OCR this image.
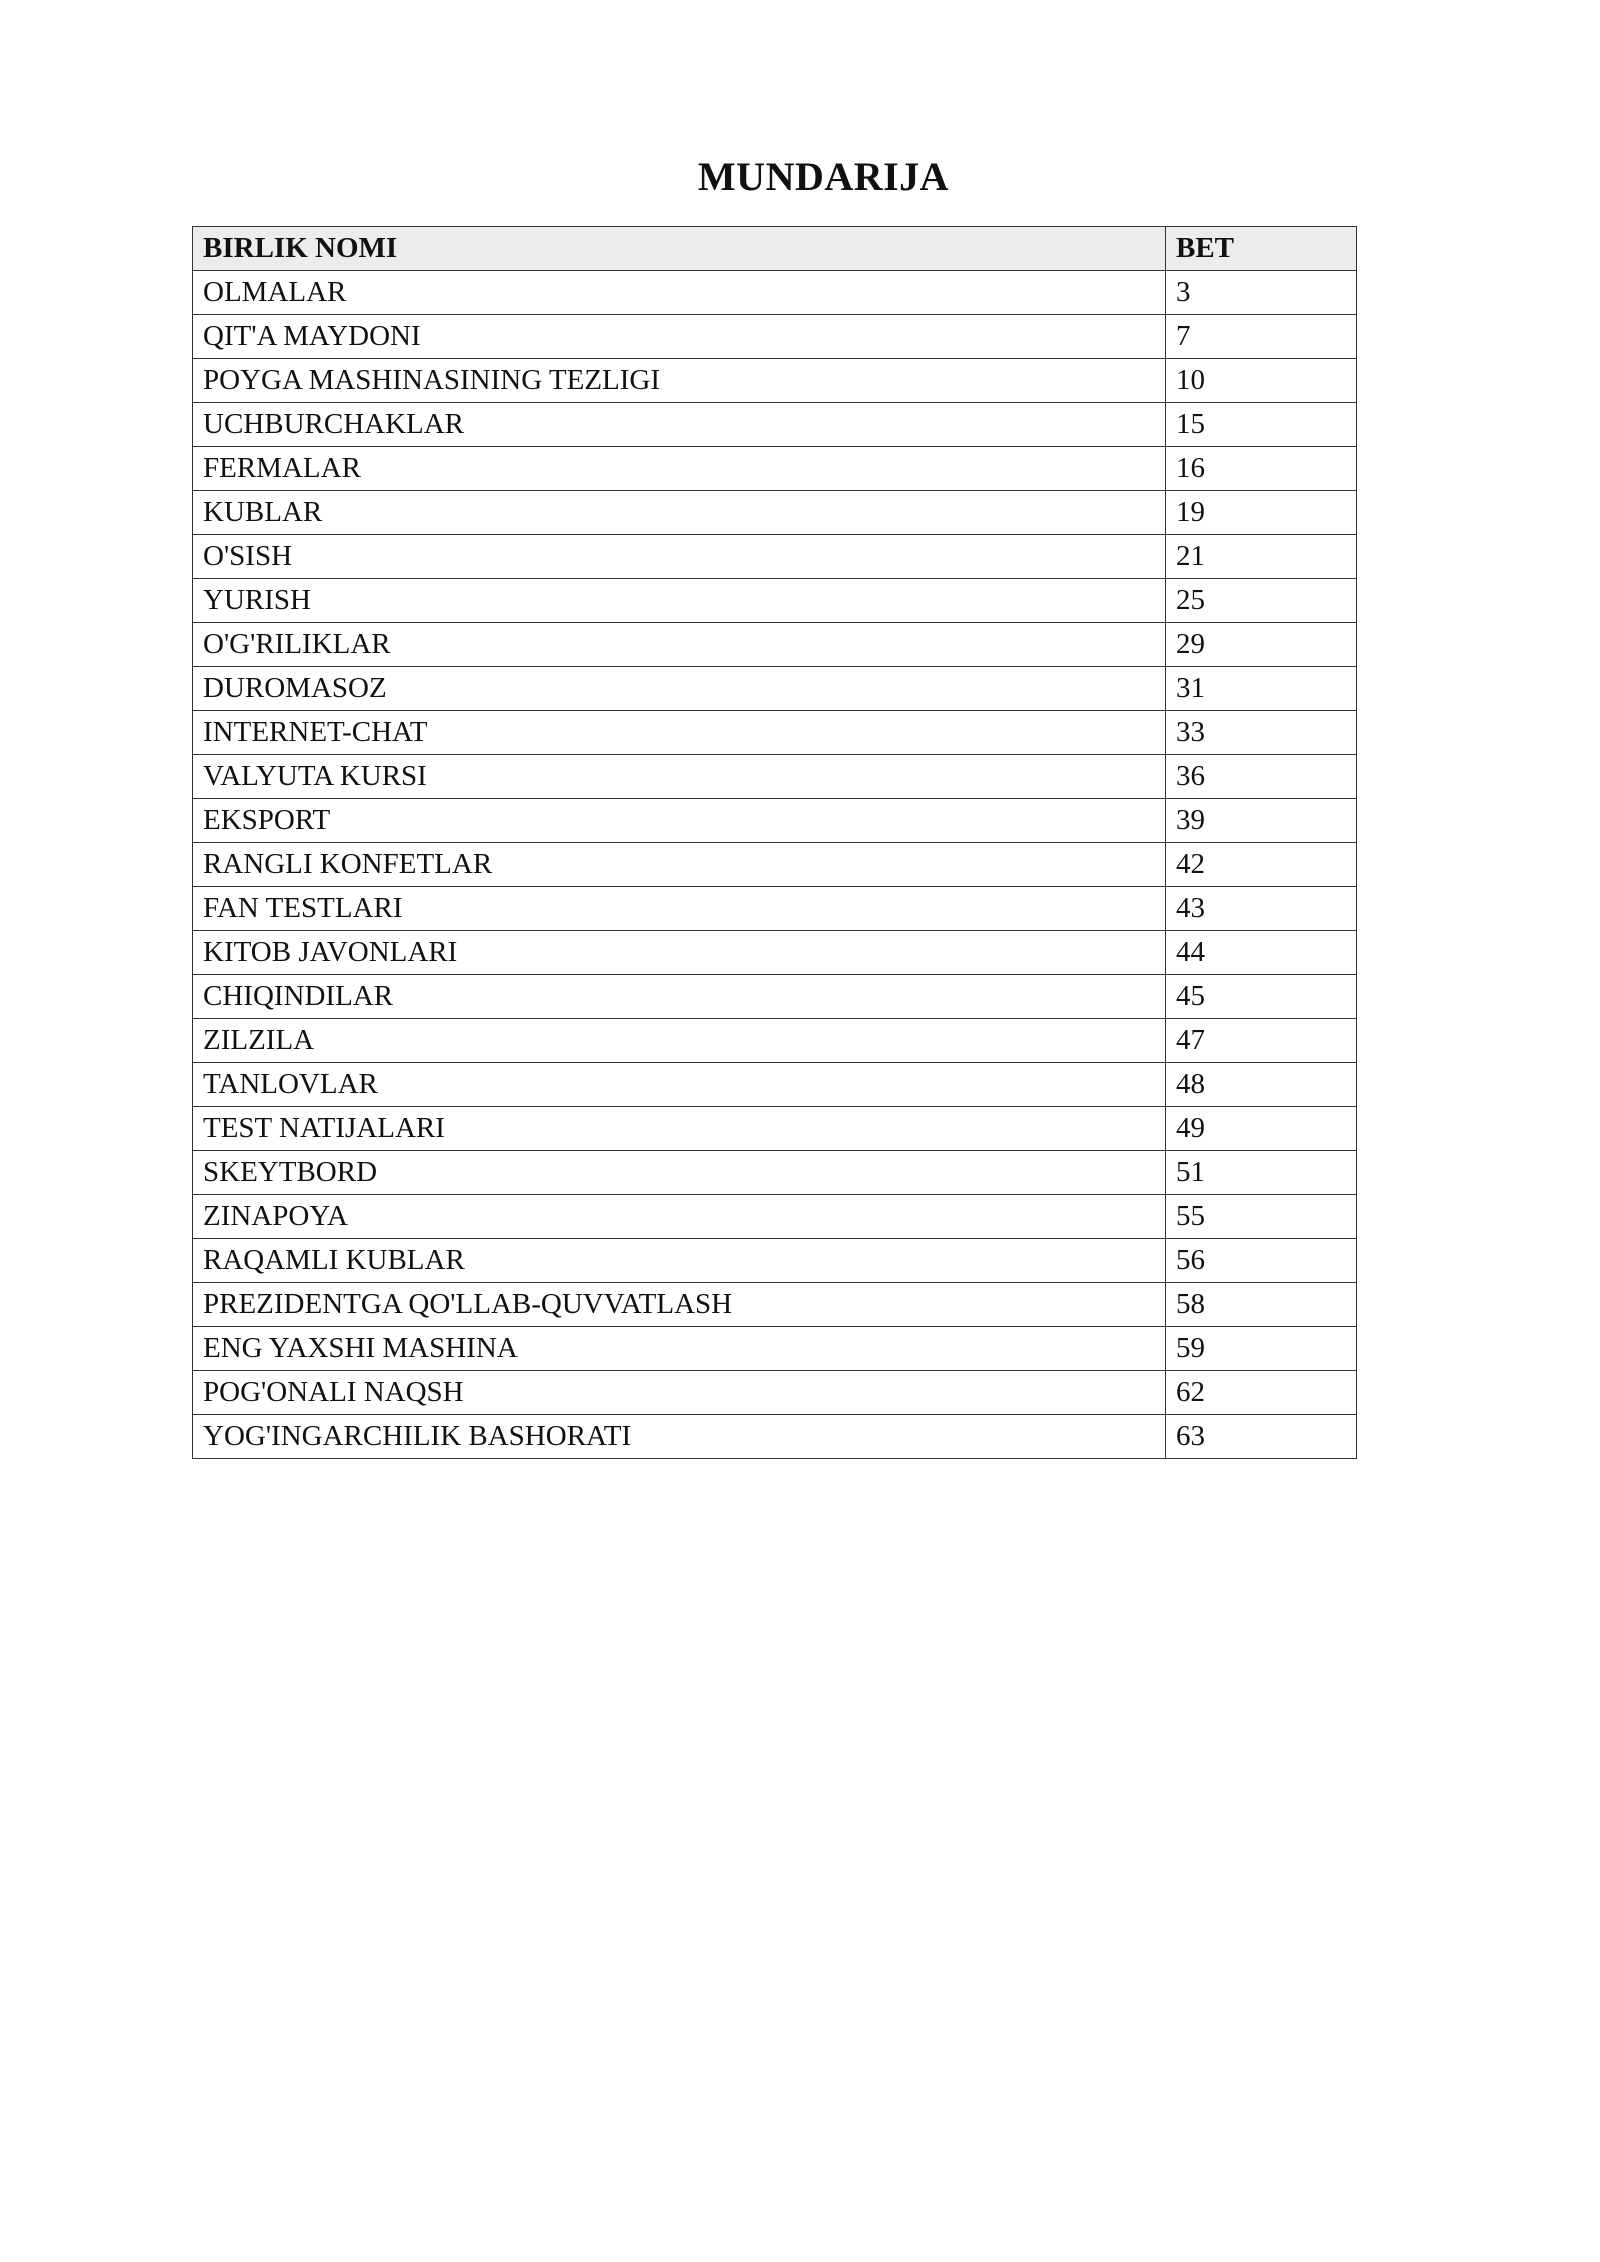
MUNDARIJA
BIRLIK NOMI	BET
OLMALAR	3
QIT'A MAYDONI	7
POYGA MASHINASINING TEZLIGI	10
UCHBURCHAKLAR	15
FERMALAR	16
KUBLAR	19
O'SISH	21
YURISH	25
O'G'RILIKLAR	29
DUROMASOZ	31
INTERNET-CHAT	33
VALYUTA KURSI	36
EKSPORT	39
RANGLI KONFETLAR	42
FAN TESTLARI	43
KITOB JAVONLARI	44
CHIQINDILAR	45
ZILZILA	47
TANLOVLAR	48
TEST NATIJALARI	49
SKEYTBORD	51
ZINAPOYA	55
RAQAMLI KUBLAR	56
PREZIDENTGA QO'LLAB-QUVVATLASH	58
ENG YAXSHI MASHINA	59
POG'ONALI NAQSH	62
YOG'INGARCHILIK BASHORATI	63
